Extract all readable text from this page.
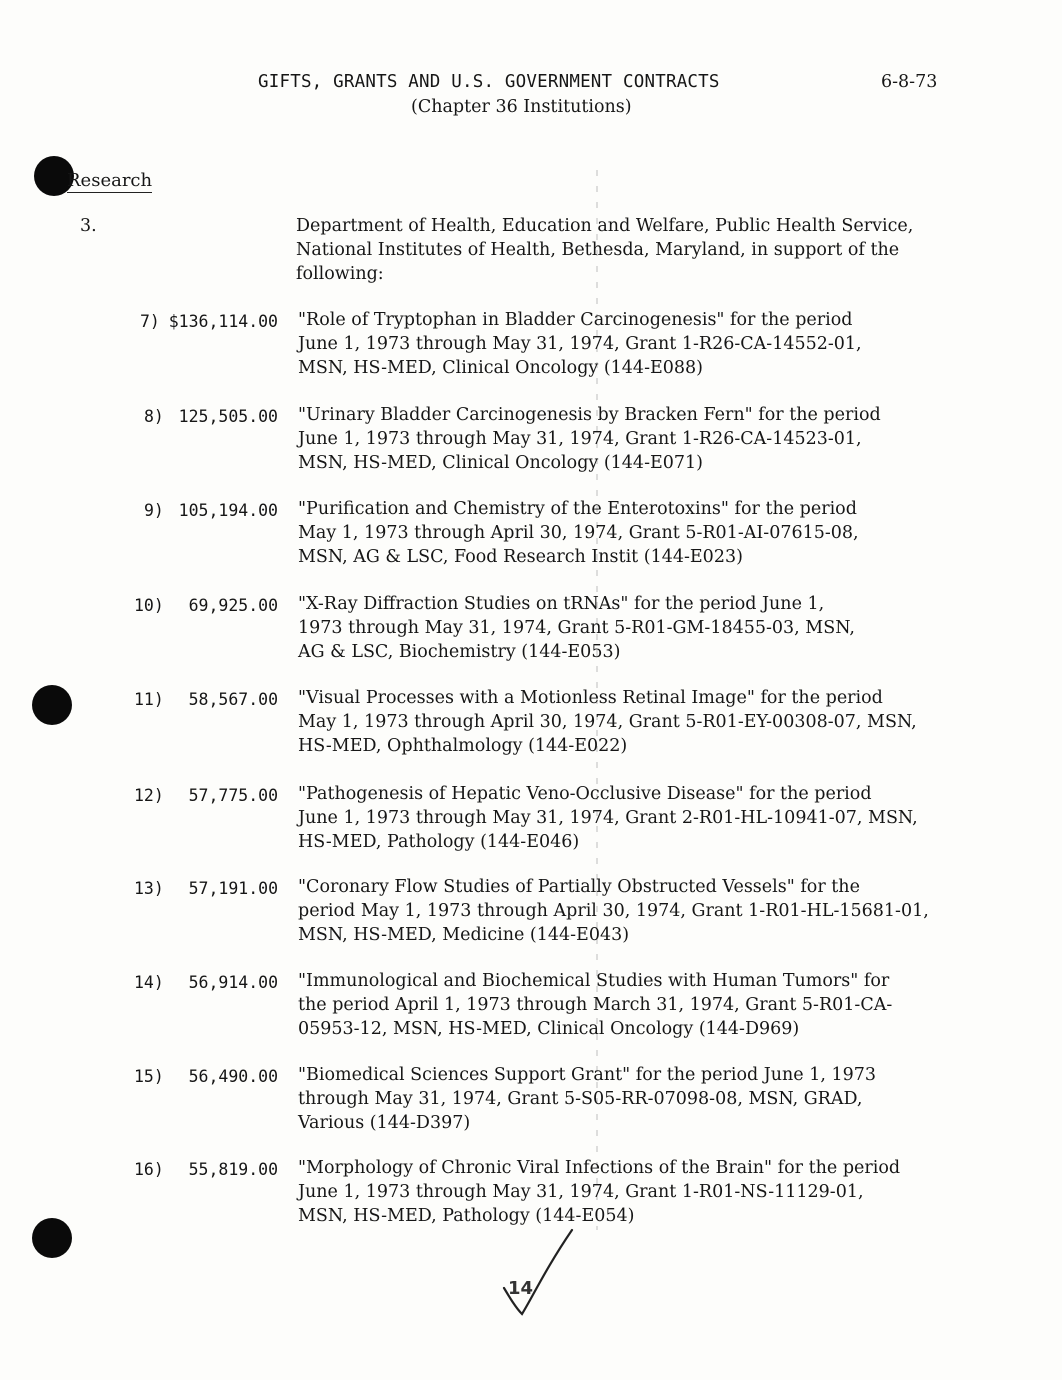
GIFTS, GRANTS AND U.S. GOVERNMENT CONTRACTS
(Chapter 36 Institutions)
6-8-73
Research
3.	Department of Health, Education and Welfare, Public Health Service, National Institutes of Health, Bethesda, Maryland, in support of the following:
7) $136,114.00 "Role of Tryptophan in Bladder Carcinogenesis" for the period
June 1, 1973 through May 31, 1974, Grant 1-R26-CA-14552-01,
MSN, HS-MED, Clinical Oncology (144-E088)
8) 125,505.00 "Urinary Bladder Carcinogenesis by Bracken Fern" for the period
June 1, 1973 through May 31, 1974, Grant 1-R26-CA-14523-01,
MSN, HS-MED, Clinical Oncology (144-E071)
9) 105,194.00 "Purification and Chemistry of the Enterotoxins" for the period
May 1, 1973 through April 30, 1974, Grant 5-R01-AI-07615-08,
MSN, AG & LSC, Food Research Instit (144-E023)
10)	69,925.00 "X-Ray Diffraction Studies on tRNAs" for the period June 1,
1973 through May 31, 1974, Grant 5-R01-GM-18455-03, MSN,
AG & LSC, Biochemistry (144-E053)
11)	58,567.00 "Visual Processes with a Motionless Retinal Image" for the period
May 1, 1973 through April 30, 1974, Grant 5-R01-EY-00308-07, MSN,
HS-MED, Ophthalmology (144-E022)
12)	57,775.00 "Pathogenesis of Hepatic Veno-Occlusive Disease" for the period
June 1, 1973 through May 31, 1974, Grant 2-R01-HL-10941-07, MSN,
HS-MED, Pathology (144-E046)
13)	57,191.00 "Coronary Flow Studies of Partially Obstructed Vessels" for the
period May 1, 1973 through April 30, 1974, Grant 1-R01-HL-15681-01,
MSN, HS-MED, Medicine (144-E043)
14)	56,914.00 "Immunological and Biochemical Studies with Human Tumors" for
the period April 1, 1973 through March 31, 1974, Grant 5-R01-CA-
05953-12, MSN, HS-MED, Clinical Oncology (144-D969)
15)	56,490.00 "Biomedical Sciences Support Grant" for the period June 1, 1973
through May 31, 1974, Grant 5-S05-RR-07098-08, MSN, GRAD,
Various (144-D397)
16)	55,819.00 "Morphology of Chronic Viral Infections of the Brain" for the period
June 1, 1973 through May 31, 1974, Grant 1-R01-NS-11129-01,
MSN, HS-MED, Pathology (144-E054)
14
